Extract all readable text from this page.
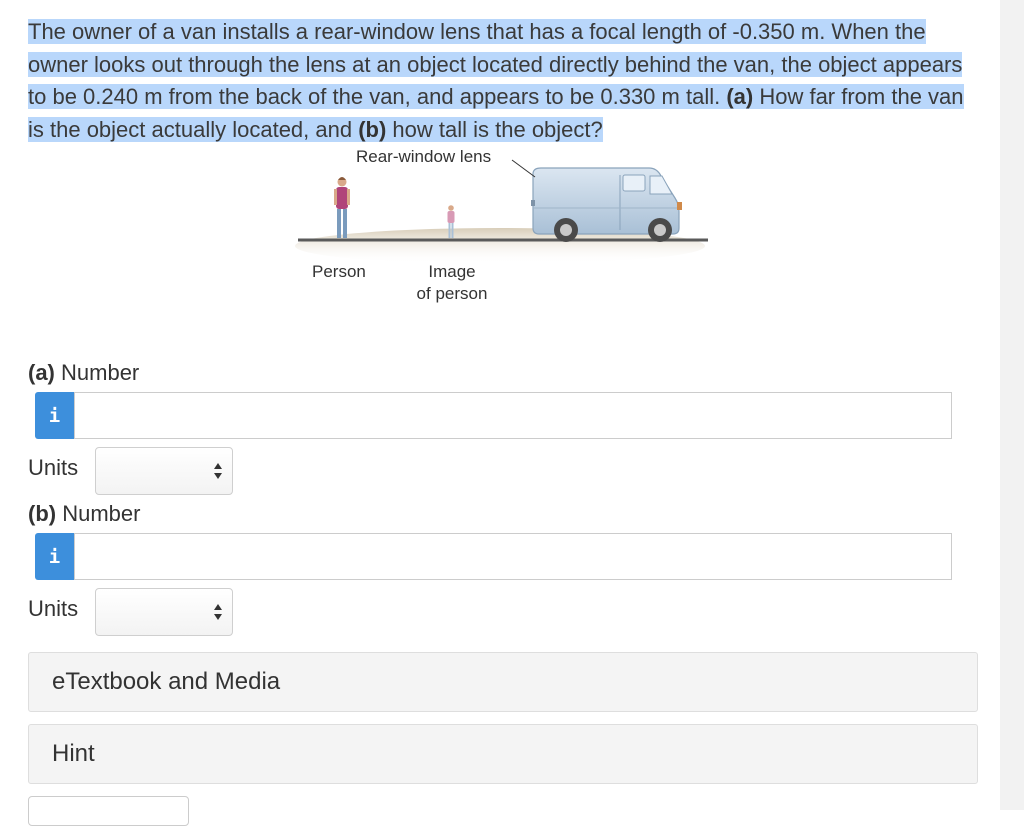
The owner of a van installs a rear-window lens that has a focal length of -0.350 m. When the owner looks out through the lens at an object located directly behind the van, the object appears to be 0.240 m from the back of the van, and appears to be 0.330 m tall. (a) How far from the van is the object actually located, and (b) how tall is the object?
Rear-window lens
Person	Image
of person
(a) Number
i
Units
(b) Number
i
Units
eTextbook and Media
Hint
